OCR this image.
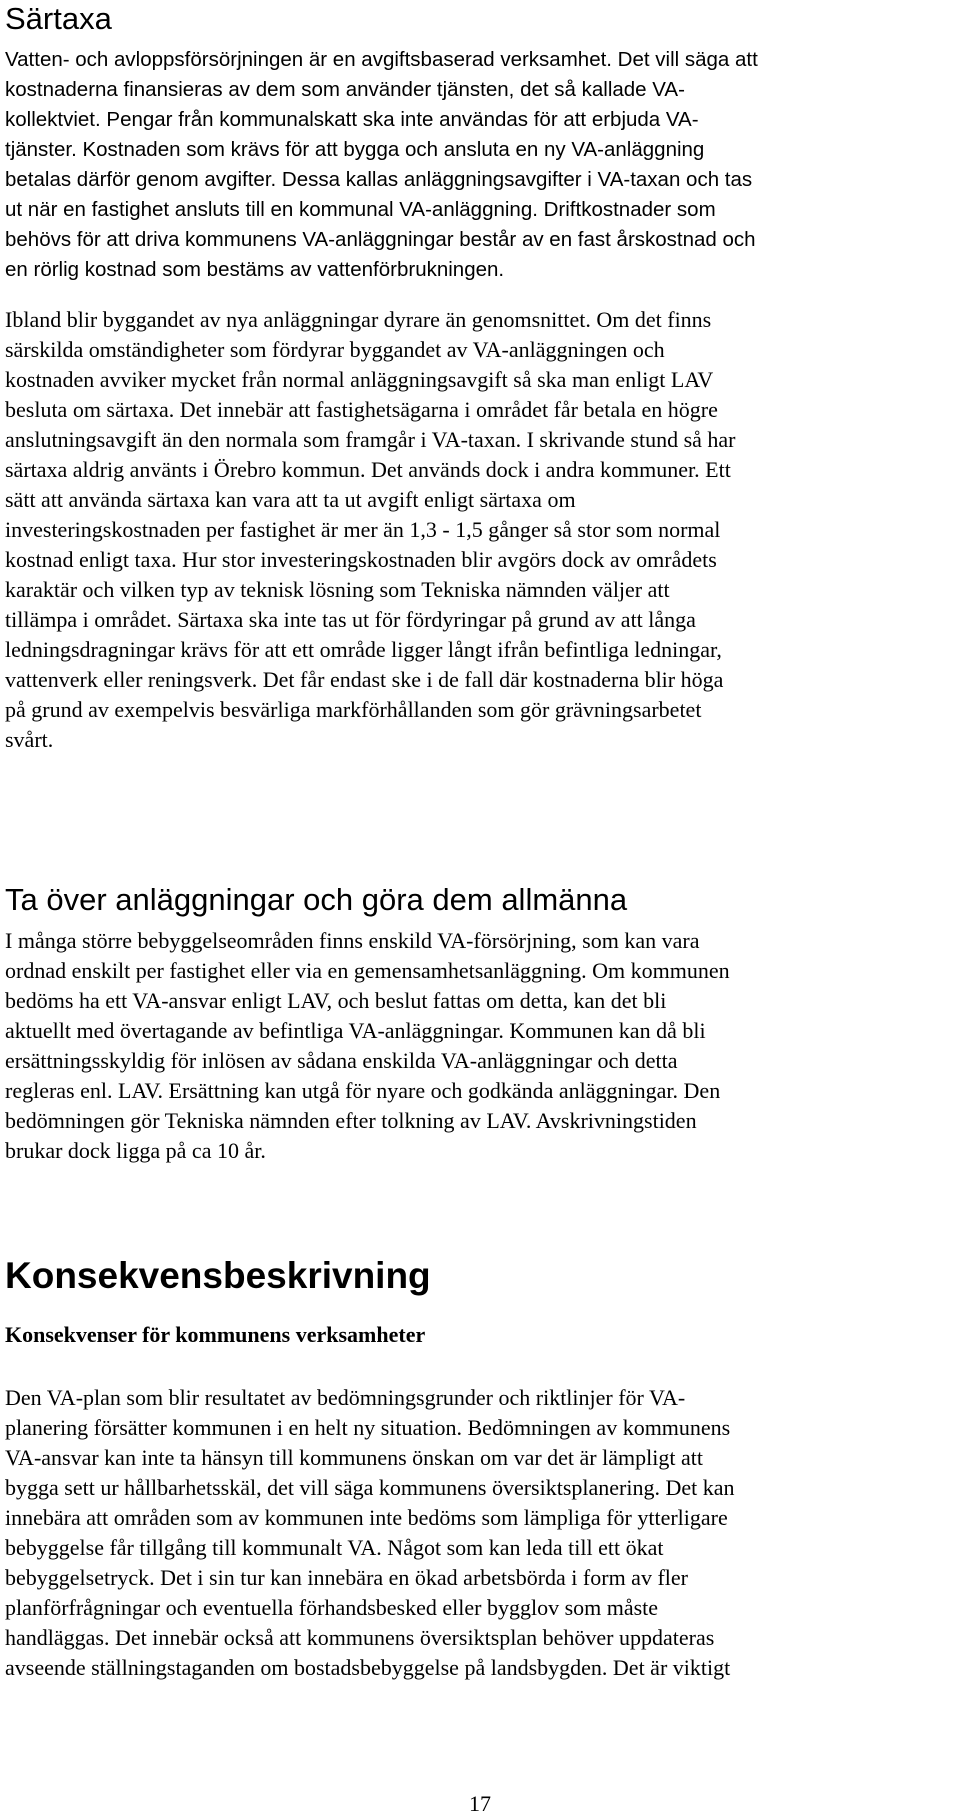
Särtaxa
Vatten- och avloppsförsörjningen är en avgiftsbaserad verksamhet. Det vill säga att
kostnaderna finansieras av dem som använder tjänsten, det så kallade VA-
kollektviet. Pengar från kommunalskatt ska inte användas för att erbjuda VA-
tjänster. Kostnaden som krävs för att bygga och ansluta en ny VA-anläggning
betalas därför genom avgifter. Dessa kallas anläggningsavgifter i VA-taxan och tas
ut när en fastighet ansluts till en kommunal VA-anläggning. Driftkostnader som
behövs för att driva kommunens VA-anläggningar består av en fast årskostnad och
en rörlig kostnad som bestäms av vattenförbrukningen.
Ibland blir byggandet av nya anläggningar dyrare än genomsnittet. Om det finns
särskilda omständigheter som fördyrar byggandet av VA-anläggningen och
kostnaden avviker mycket från normal anläggningsavgift så ska man enligt LAV
besluta om särtaxa. Det innebär att fastighetsägarna i området får betala en högre
anslutningsavgift än den normala som framgår i VA-taxan. I skrivande stund så har
särtaxa aldrig använts i Örebro kommun. Det används dock i andra kommuner. Ett
sätt att använda särtaxa kan vara att ta ut avgift enligt särtaxa om
investeringskostnaden per fastighet är mer än 1,3 - 1,5 gånger så stor som normal
kostnad enligt taxa. Hur stor investeringskostnaden blir avgörs dock av områdets
karaktär och vilken typ av teknisk lösning som Tekniska nämnden väljer att
tillämpa i området. Särtaxa ska inte tas ut för fördyringar på grund av att långa
ledningsdragningar krävs för att ett område ligger långt ifrån befintliga ledningar,
vattenverk eller reningsverk. Det får endast ske i de fall där kostnaderna blir höga
på grund av exempelvis besvärliga markförhållanden som gör grävningsarbetet
svårt.
Ta över anläggningar och göra dem allmänna
I många större bebyggelseområden finns enskild VA-försörjning, som kan vara
ordnad enskilt per fastighet eller via en gemensamhetsanläggning. Om kommunen
bedöms ha ett VA-ansvar enligt LAV, och beslut fattas om detta, kan det bli
aktuellt med övertagande av befintliga VA-anläggningar. Kommunen kan då bli
ersättningsskyldig för inlösen av sådana enskilda VA-anläggningar och detta
regleras enl. LAV. Ersättning kan utgå för nyare och godkända anläggningar. Den
bedömningen gör Tekniska nämnden efter tolkning av LAV. Avskrivningstiden
brukar dock ligga på ca 10 år.
Konsekvensbeskrivning
Konsekvenser för kommunens verksamheter
Den VA-plan som blir resultatet av bedömningsgrunder och riktlinjer för VA-
planering försätter kommunen i en helt ny situation. Bedömningen av kommunens
VA-ansvar kan inte ta hänsyn till kommunens önskan om var det är lämpligt att
bygga sett ur hållbarhetsskäl, det vill säga kommunens översiktsplanering. Det kan
innebära att områden som av kommunen inte bedöms som lämpliga för ytterligare
bebyggelse får tillgång till kommunalt VA. Något som kan leda till ett ökat
bebyggelsetryck. Det i sin tur kan innebära en ökad arbetsbörda i form av fler
planförfrågningar och eventuella förhandsbesked eller bygglov som måste
handläggas. Det innebär också att kommunens översiktsplan behöver uppdateras
avseende ställningstaganden om bostadsbebyggelse på landsbygden. Det är viktigt
17
